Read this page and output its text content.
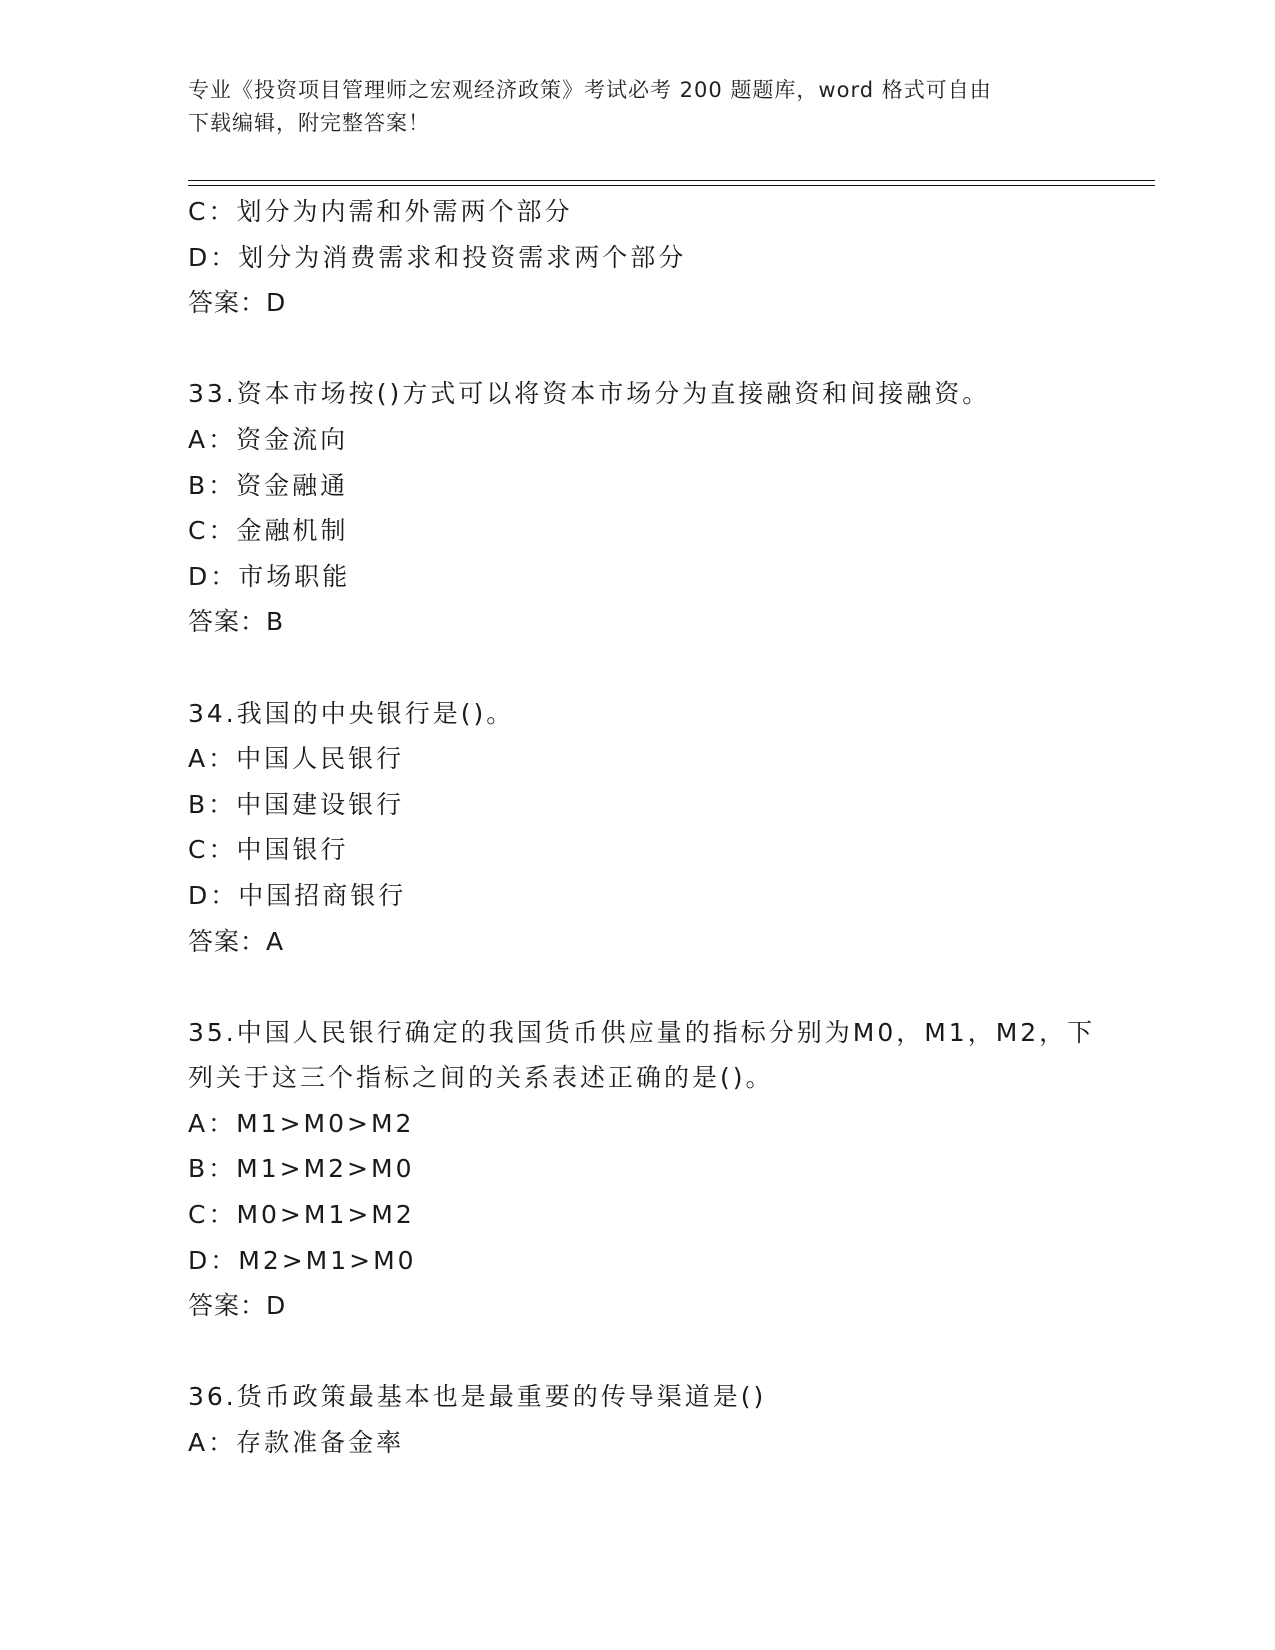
专业《投资项目管理师之宏观经济政策》考试必考 200 题题库，word 格式可自由
下载编辑，附完整答案！
C：划分为内需和外需两个部分
D：划分为消费需求和投资需求两个部分
答案：D
33.资本市场按()方式可以将资本市场分为直接融资和间接融资。
A：资金流向
B：资金融通
C：金融机制
D：市场职能
答案：B
34.我国的中央银行是()。
A：中国人民银行
B：中国建设银行
C：中国银行
D：中国招商银行
答案：A
35.中国人民银行确定的我国货币供应量的指标分别为M0，M1，M2，下
列关于这三个指标之间的关系表述正确的是()。
A：M1>M0>M2
B：M1>M2>M0
C：M0>M1>M2
D：M2>M1>M0
答案：D
36.货币政策最基本也是最重要的传导渠道是()
A：存款准备金率
